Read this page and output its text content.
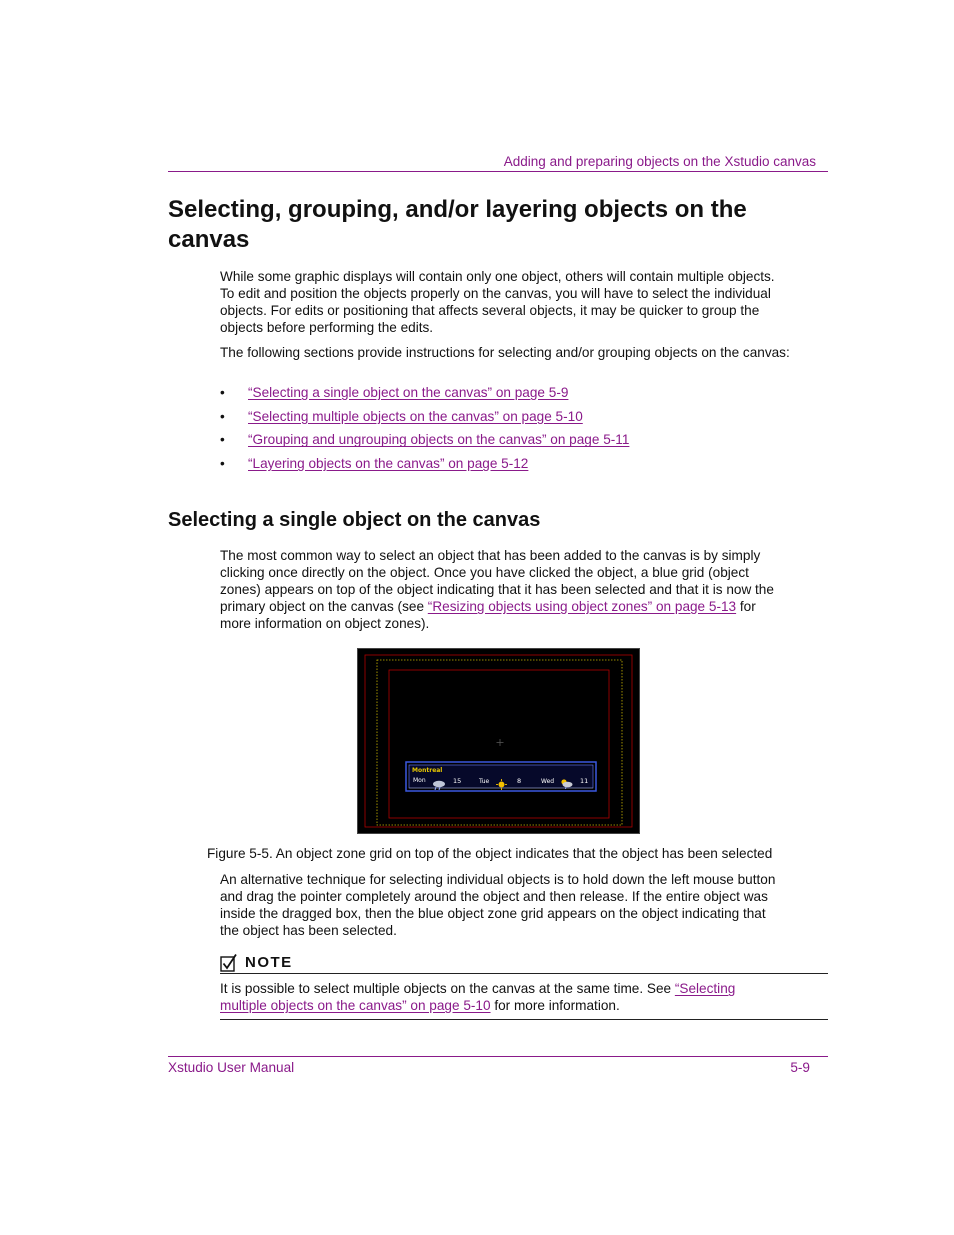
Adding and preparing objects on the Xstudio canvas
Selecting, grouping, and/or layering objects on the canvas

While some graphic displays will contain only one object, others will contain multiple objects. To edit and position the objects properly on the canvas, you will have to select the individual objects. For edits or positioning that affects several objects, it may be quicker to group the objects before performing the edits.

The following sections provide instructions for selecting and/or grouping objects on the canvas:

• “Selecting a single object on the canvas” on page 5-9
• “Selecting multiple objects on the canvas” on page 5-10
• “Grouping and ungrouping objects on the canvas” on page 5-11
• “Layering objects on the canvas” on page 5-12
Selecting a single object on the canvas

The most common way to select an object that has been added to the canvas is by simply clicking once directly on the object. Once you have clicked the object, a blue grid (object zones) appears on top of the object indicating that it has been selected and that it is now the primary object on the canvas (see “Resizing objects using object zones” on page 5-13 for more information on object zones).

Montreal
Mon	15	Tue	8	Wed	11

Figure 5-5. An object zone grid on top of the object indicates that the object has been selected

An alternative technique for selecting individual objects is to hold down the left mouse button and drag the pointer completely around the object and then release. If the entire object was inside the dragged box, then the blue object zone grid appears on the object indicating that the object has been selected.

NOTE

It is possible to select multiple objects on the canvas at the same time. See “Selecting
multiple objects on the canvas” on page 5-10 for more information.

Xstudio User Manual	5-9
